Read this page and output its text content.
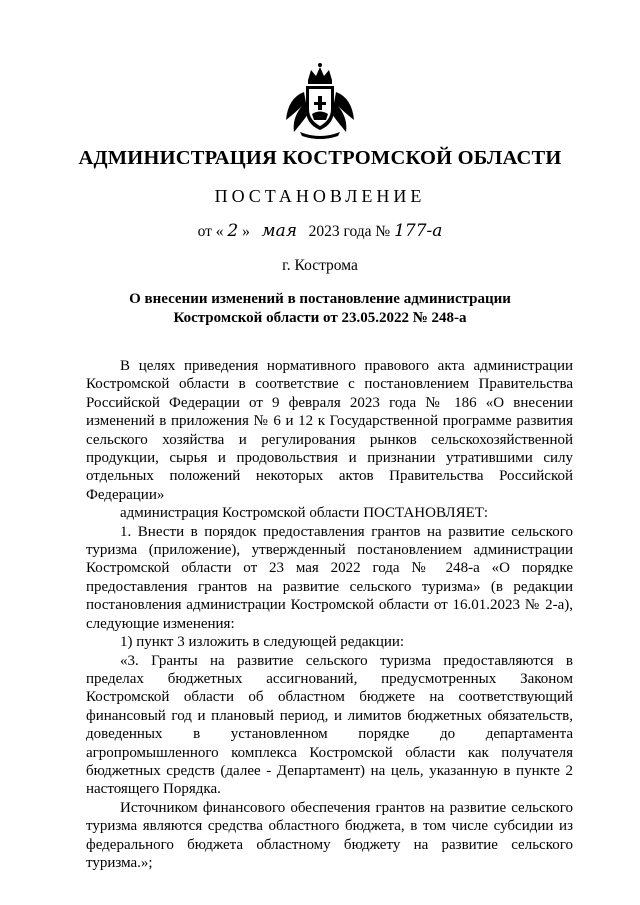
АДМИНИСТРАЦИЯ КОСТРОМСКОЙ ОБЛАСТИ
ПОСТАНОВЛЕНИЕ
от « 2 » мая 2023 года № 177-а
г. Кострома
О внесении изменений в постановление администрации
Костромской области от 23.05.2022 № 248-а

В целях приведения нормативного правового акта администрации Костромской области в соответствие с постановлением Правительства Российской Федерации от 9 февраля 2023 года № 186 «О внесении изменений в приложения № 6 и 12 к Государственной программе развития сельского хозяйства и регулирования рынков сельскохозяйственной продукции, сырья и продовольствия и признании утратившими силу отдельных положений некоторых актов Правительства Российской Федерации»

администрация Костромской области ПОСТАНОВЛЯЕТ:

1. Внести в порядок предоставления грантов на развитие сельского туризма (приложение), утвержденный постановлением администрации Костромской области от 23 мая 2022 года № 248-а «О порядке предоставления грантов на развитие сельского туризма» (в редакции постановления администрации Костромской области от 16.01.2023 № 2-а), следующие изменения:

1) пункт 3 изложить в следующей редакции:

«3. Гранты на развитие сельского туризма предоставляются в пределах бюджетных ассигнований, предусмотренных Законом Костромской области об областном бюджете на соответствующий финансовый год и плановый период, и лимитов бюджетных обязательств, доведенных в установленном порядке до департамента агропромышленного комплекса Костромской области как получателя бюджетных средств (далее - Департамент) на цель, указанную в пункте 2 настоящего Порядка.

Источником финансового обеспечения грантов на развитие сельского туризма являются средства областного бюджета, в том числе субсидии из федерального бюджета областному бюджету на развитие сельского туризма.»;
